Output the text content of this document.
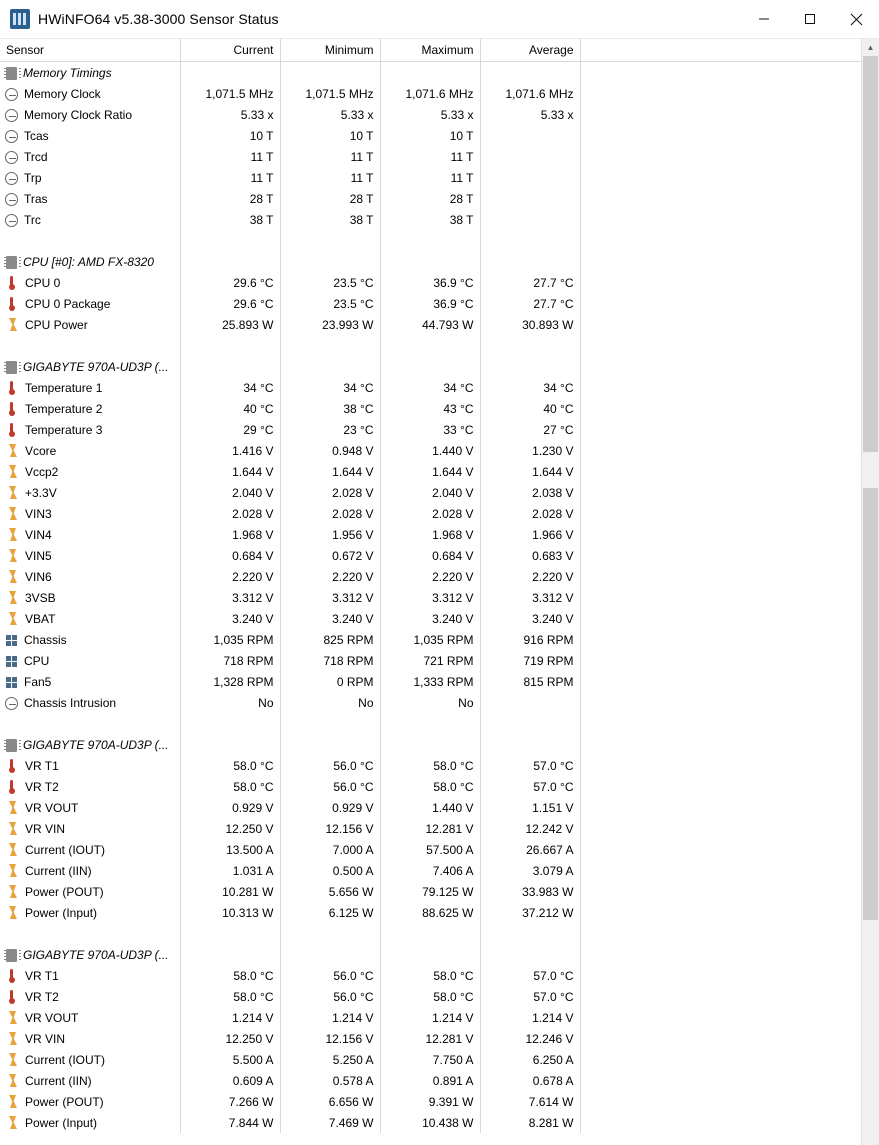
HWiNFO64 v5.38-3000 Sensor Status
Sensor	Current	Minimum	Maximum	Average	
Memory Timings					
Memory Clock	1,071.5 MHz	1,071.5 MHz	1,071.6 MHz	1,071.6 MHz	
Memory Clock Ratio	5.33 x	5.33 x	5.33 x	5.33 x	
Tcas	10 T	10 T	10 T		
Trcd	11 T	11 T	11 T		
Trp	11 T	11 T	11 T		
Tras	28 T	28 T	28 T		
Trc	38 T	38 T	38 T		

CPU [#0]: AMD FX-8320					
CPU 0	29.6 °C	23.5 °C	36.9 °C	27.7 °C	
CPU 0 Package	29.6 °C	23.5 °C	36.9 °C	27.7 °C	
CPU Power	25.893 W	23.993 W	44.793 W	30.893 W	

GIGABYTE 970A-UD3P (...					
Temperature 1	34 °C	34 °C	34 °C	34 °C	
Temperature 2	40 °C	38 °C	43 °C	40 °C	
Temperature 3	29 °C	23 °C	33 °C	27 °C	
Vcore	1.416 V	0.948 V	1.440 V	1.230 V	
Vccp2	1.644 V	1.644 V	1.644 V	1.644 V	
+3.3V	2.040 V	2.028 V	2.040 V	2.038 V	
VIN3	2.028 V	2.028 V	2.028 V	2.028 V	
VIN4	1.968 V	1.956 V	1.968 V	1.966 V	
VIN5	0.684 V	0.672 V	0.684 V	0.683 V	
VIN6	2.220 V	2.220 V	2.220 V	2.220 V	
3VSB	3.312 V	3.312 V	3.312 V	3.312 V	
VBAT	3.240 V	3.240 V	3.240 V	3.240 V	
Chassis	1,035 RPM	825 RPM	1,035 RPM	916 RPM	
CPU	718 RPM	718 RPM	721 RPM	719 RPM	
Fan5	1,328 RPM	0 RPM	1,333 RPM	815 RPM	
Chassis Intrusion	No	No	No		

GIGABYTE 970A-UD3P (...					
VR T1	58.0 °C	56.0 °C	58.0 °C	57.0 °C	
VR T2	58.0 °C	56.0 °C	58.0 °C	57.0 °C	
VR VOUT	0.929 V	0.929 V	1.440 V	1.151 V	
VR VIN	12.250 V	12.156 V	12.281 V	12.242 V	
Current (IOUT)	13.500 A	7.000 A	57.500 A	26.667 A	
Current (IIN)	1.031 A	0.500 A	7.406 A	3.079 A	
Power (POUT)	10.281 W	5.656 W	79.125 W	33.983 W	
Power (Input)	10.313 W	6.125 W	88.625 W	37.212 W	

GIGABYTE 970A-UD3P (...					
VR T1	58.0 °C	56.0 °C	58.0 °C	57.0 °C	
VR T2	58.0 °C	56.0 °C	58.0 °C	57.0 °C	
VR VOUT	1.214 V	1.214 V	1.214 V	1.214 V	
VR VIN	12.250 V	12.156 V	12.281 V	12.246 V	
Current (IOUT)	5.500 A	5.250 A	7.750 A	6.250 A	
Current (IIN)	0.609 A	0.578 A	0.891 A	0.678 A	
Power (POUT)	7.266 W	6.656 W	9.391 W	7.614 W	
Power (Input)	7.844 W	7.469 W	10.438 W	8.281 W	
▲
